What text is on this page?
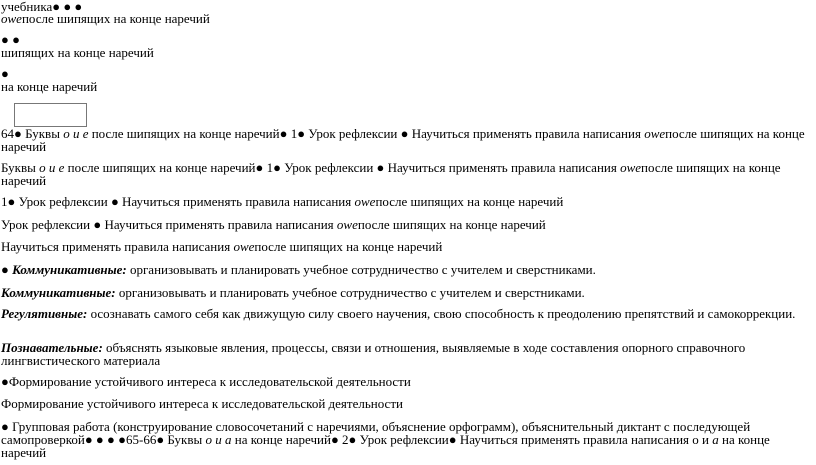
учебника● ● ●
oweпосле шипящих на конце наречий
● ●
шипящих на конце наречий
●
на конце наречий
64● Буквы о и е после шипящих на конце наречий● 1● Урок рефлексии ● Научиться применять правила написания oweпосле шипящих на конце наречий
Буквы о и е после шипящих на конце наречий● 1● Урок рефлексии ● Научиться применять правила написания oweпосле шипящих на конце наречий
1● Урок рефлексии ● Научиться применять правила написания oweпосле шипящих на конце наречий
Урок рефлексии ● Научиться применять правила написания oweпосле шипящих на конце наречий
Научиться применять правила написания oweпосле шипящих на конце наречий
● Коммуникативные: организовывать и планировать учебное сотрудничество с учителем и сверстниками.
Коммуникативные: организовывать и планировать учебное сотрудничество с учителем и сверстниками.
Регулятивные: осознавать самого себя как движущую силу своего научения, свою способность к преодолению препятствий и самокоррекции.
Познавательные: объяснять языковые явления, процессы, связи и отношения, выявляемые в ходе составления опорного справочного лингвистического материала
●Формирование устойчивого интереса к исследовательской деятельности
Формирование устойчивого интереса к исследовательской деятельности
● Групповая работа (конструирование словосочетаний с наречиями, объяснение орфограмм), объяснительный диктант с последующей самопроверкой● ● ● ●65-66● Буквы о и а на конце наречий● 2● Урок рефлексии● Научиться применять правила написания о и а на конце наречий
